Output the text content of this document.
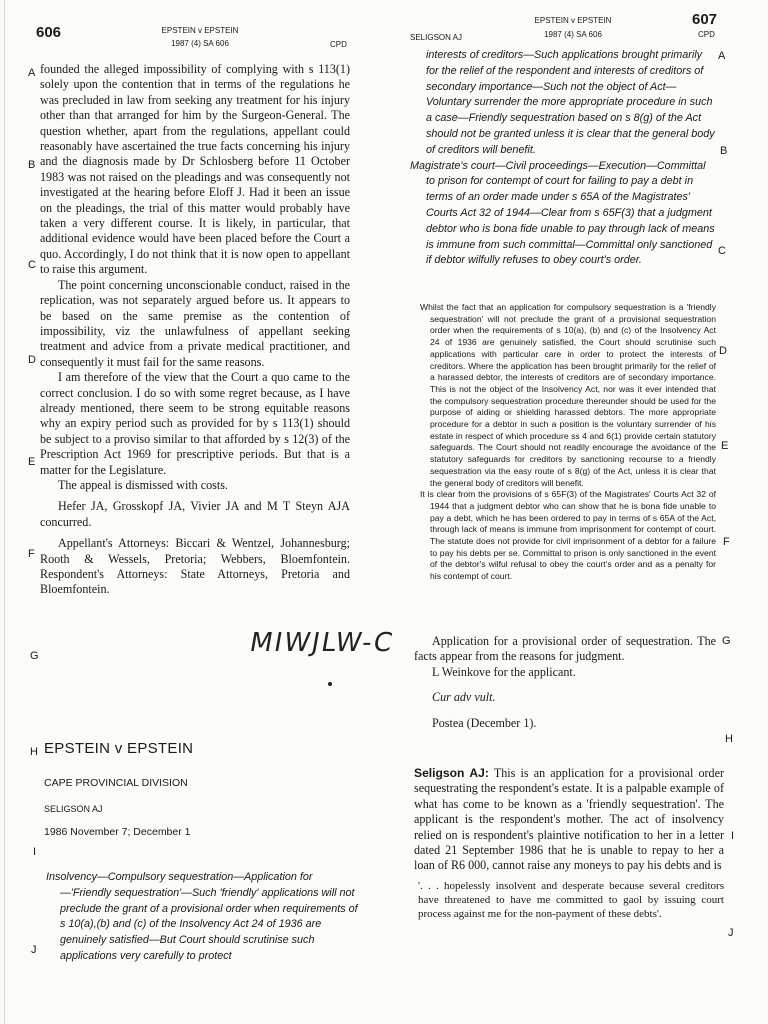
606	EPSTEIN v EPSTEIN
1987 (4) SA 606	CPD
A
B
C
D
E
F
G
H
I
J

founded the alleged impossibility of complying with s 113(1) solely upon the contention that in terms of the regulations he was precluded in law from seeking any treatment for his injury other than that arranged for him by the Surgeon-General. The question whether, apart from the regulations, appellant could reasonably have ascertained the true facts concerning his injury and the diagnosis made by Dr Schlosberg before 11 October 1983 was not raised on the pleadings and was consequently not investigated at the hearing before Eloff J. Had it been an issue on the pleadings, the trial of this matter would probably have taken a very different course. It is likely, in particular, that additional evidence would have been placed before the Court a quo. Accordingly, I do not think that it is now open to appellant to raise this argument.

The point concerning unconscionable conduct, raised in the replication, was not separately argued before us. It appears to be based on the same premise as the contention of impossibility, viz the unlawfulness of appellant seeking treatment and advice from a private medical practitioner, and consequently it must fail for the same reasons.

I am therefore of the view that the Court a quo came to the correct conclusion. I do so with some regret because, as I have already mentioned, there seem to be strong equitable reasons why an expiry period such as provided for by s 113(1) should be subject to a proviso similar to that afforded by s 12(3) of the Prescription Act 1969 for prescriptive periods. But that is a matter for the Legislature.

The appeal is dismissed with costs.

Hefer JA, Grosskopf JA, Vivier JA and M T Steyn AJA concurred.

Appellant's Attorneys: Biccari & Wentzel, Johannesburg; Rooth & Wessels, Pretoria; Webbers, Bloemfontein. Respondent's Attorneys: State Attorneys, Pretoria and Bloemfontein.

MIWJLW-C
EPSTEIN v EPSTEIN
CAPE PROVINCIAL DIVISION
SELIGSON AJ
1986 November 7; December 1

Insolvency—Compulsory sequestration—Application for—'Friendly sequestration'—Such 'friendly' applications will not preclude the grant of a provisional order when requirements of s 10(a),(b) and (c) of the Insolvency Act 24 of 1936 are genuinely satisfied—But Court should scrutinise such applications very carefully to protect

EPSTEIN v EPSTEIN	607
SELIGSON AJ	1987 (4) SA 606	CPD
A
B
C
D
E
F
G
H
I
J

interests of creditors—Such applications brought primarily for the relief of the respondent and interests of creditors of secondary importance—Such not the object of Act—Voluntary surrender the more appropriate procedure in such a case—Friendly sequestration based on s 8(g) of the Act should not be granted unless it is clear that the general body of creditors will benefit.

Magistrate's court—Civil proceedings—Execution—Committal to prison for contempt of court for failing to pay a debt in terms of an order made under s 65A of the Magistrates' Courts Act 32 of 1944—Clear from s 65F(3) that a judgment debtor who is bona fide unable to pay through lack of means is immune from such committal—Committal only sanctioned if debtor wilfully refuses to obey court's order.

Whilst the fact that an application for compulsory sequestration is a 'friendly sequestration' will not preclude the grant of a provisional sequestration order when the requirements of s 10(a), (b) and (c) of the Insolvency Act 24 of 1936 are genuinely satisfied, the Court should scrutinise such applications with particular care in order to protect the interests of creditors. Where the application has been brought primarily for the relief of a harassed debtor, the interests of creditors are of secondary importance. This is not the object of the Insolvency Act, nor was it ever intended that the compulsory sequestration procedure thereunder should be used for the purpose of aiding or shielding harassed debtors. The more appropriate procedure for a debtor in such a position is the voluntary surrender of his estate in respect of which procedure ss 4 and 6(1) provide certain statutory safeguards. The Court should not readily encourage the avoidance of the statutory safeguards for creditors by sanctioning recourse to a friendly sequestration via the easy route of s 8(g) of the Act, unless it is clear that the general body of creditors will benefit.

It is clear from the provisions of s 65F(3) of the Magistrates' Courts Act 32 of 1944 that a judgment debtor who can show that he is bona fide unable to pay a debt, which he has been ordered to pay in terms of s 65A of the Act, through lack of means is immune from imprisonment for contempt of court. The statute does not provide for civil imprisonment of a debtor for a failure to pay his debts per se. Committal to prison is only sanctioned in the event of the debtor's wilful refusal to obey the court's order and as a penalty for his contempt of court.

Application for a provisional order of sequestration. The facts appear from the reasons for judgment.

L Weinkove for the applicant.

Cur adv vult.

Postea (December 1).

Seligson AJ: This is an application for a provisional order sequestrating the respondent's estate. It is a palpable example of what has come to be known as a 'friendly sequestration'. The applicant is the respondent's mother. The act of insolvency relied on is respondent's plaintive notification to her in a letter dated 21 September 1986 that he is unable to repay to her a loan of R6 000, cannot raise any moneys to pay his debts and is

'. . . hopelessly insolvent and desperate because several creditors have threatened to have me committed to gaol by issuing court process against me for the non-payment of these debts'.
